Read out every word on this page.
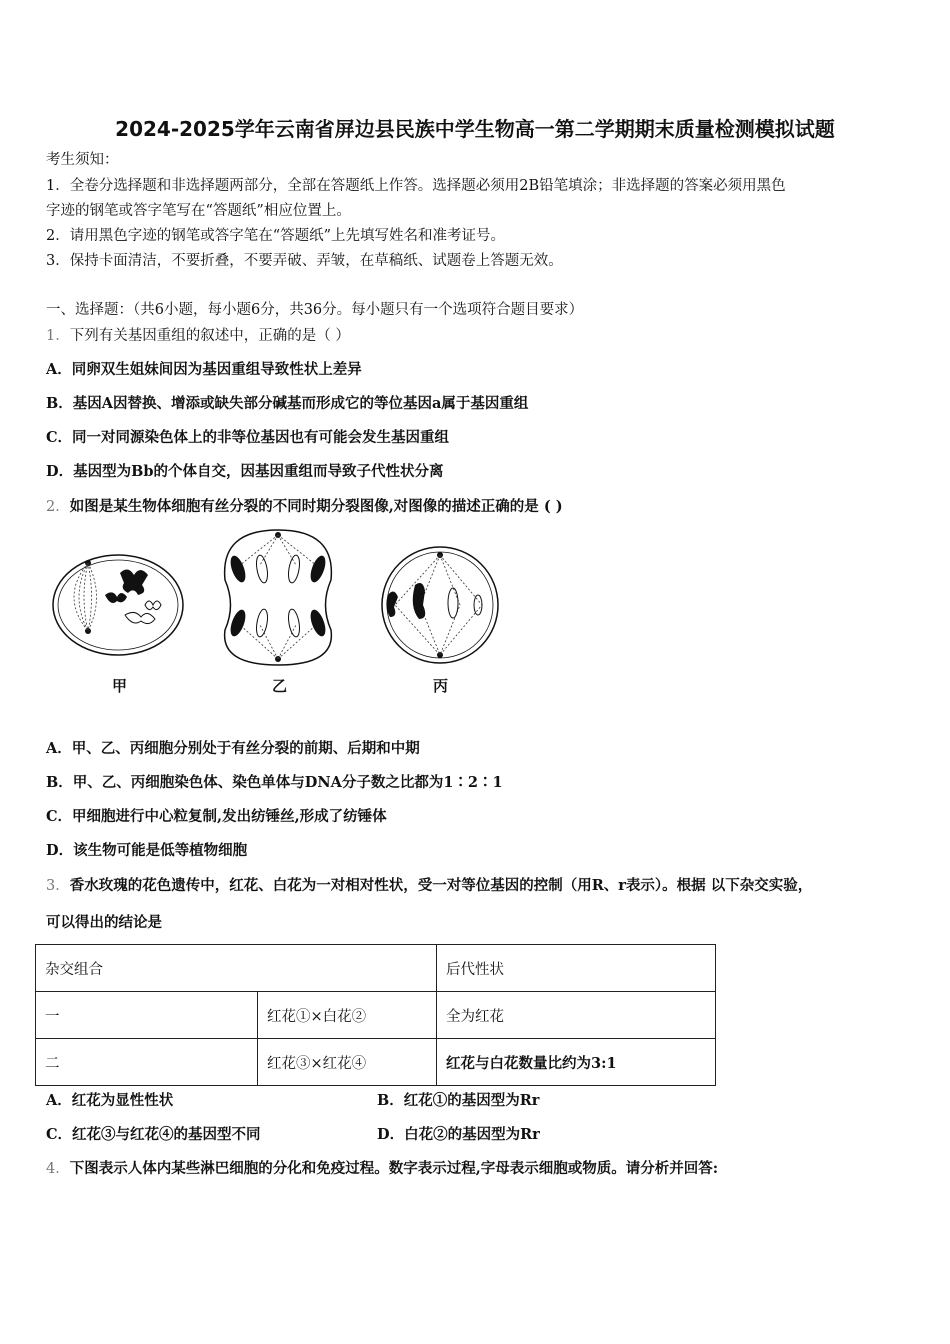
2024-2025学年云南省屏边县民族中学生物高一第二学期期末质量检测模拟试题
考生须知：
1．全卷分选择题和非选择题两部分，全部在答题纸上作答。选择题必须用2B铅笔填涂；非选择题的答案必须用黑色
字迹的钢笔或答字笔写在“答题纸”相应位置上。
2．请用黑色字迹的钢笔或答字笔在“答题纸”上先填写姓名和准考证号。
3．保持卡面清洁，不要折叠，不要弄破、弄皱，在草稿纸、试题卷上答题无效。
一、选择题：（共6小题，每小题6分，共36分。每小题只有一个选项符合题目要求）
1．下列有关基因重组的叙述中，正确的是（ ）
A．同卵双生姐妹间因为基因重组导致性状上差异
B．基因A因替换、增添或缺失部分碱基而形成它的等位基因a属于基因重组
C．同一对同源染色体上的非等位基因也有可能会发生基因重组
D．基因型为Bb的个体自交，因基因重组而导致子代性状分离
2．如图是某生物体细胞有丝分裂的不同时期分裂图像,对图像的描述正确的是 ( )
甲	乙	丙
A．甲、乙、丙细胞分别处于有丝分裂的前期、后期和中期
B．甲、乙、丙细胞染色体、染色单体与DNA分子数之比都为1∶2∶1
C．甲细胞进行中心粒复制,发出纺锤丝,形成了纺锤体
D．该生物可能是低等植物细胞
3．香水玫瑰的花色遗传中，红花、白花为一对相对性状，受一对等位基因的控制（用R、r表示）。根据 以下杂交实验，
可以得出的结论是
杂交组合		后代性状
一	红花①×白花②	全为红花
二	红花③×红花④	红花与白花数量比约为3:1
A．红花为显性性状	B．红花①的基因型为Rr
C．红花③与红花④的基因型不同	D．白花②的基因型为Rr
4．下图表示人体内某些淋巴细胞的分化和免疫过程。数字表示过程,字母表示细胞或物质。请分析并回答:
